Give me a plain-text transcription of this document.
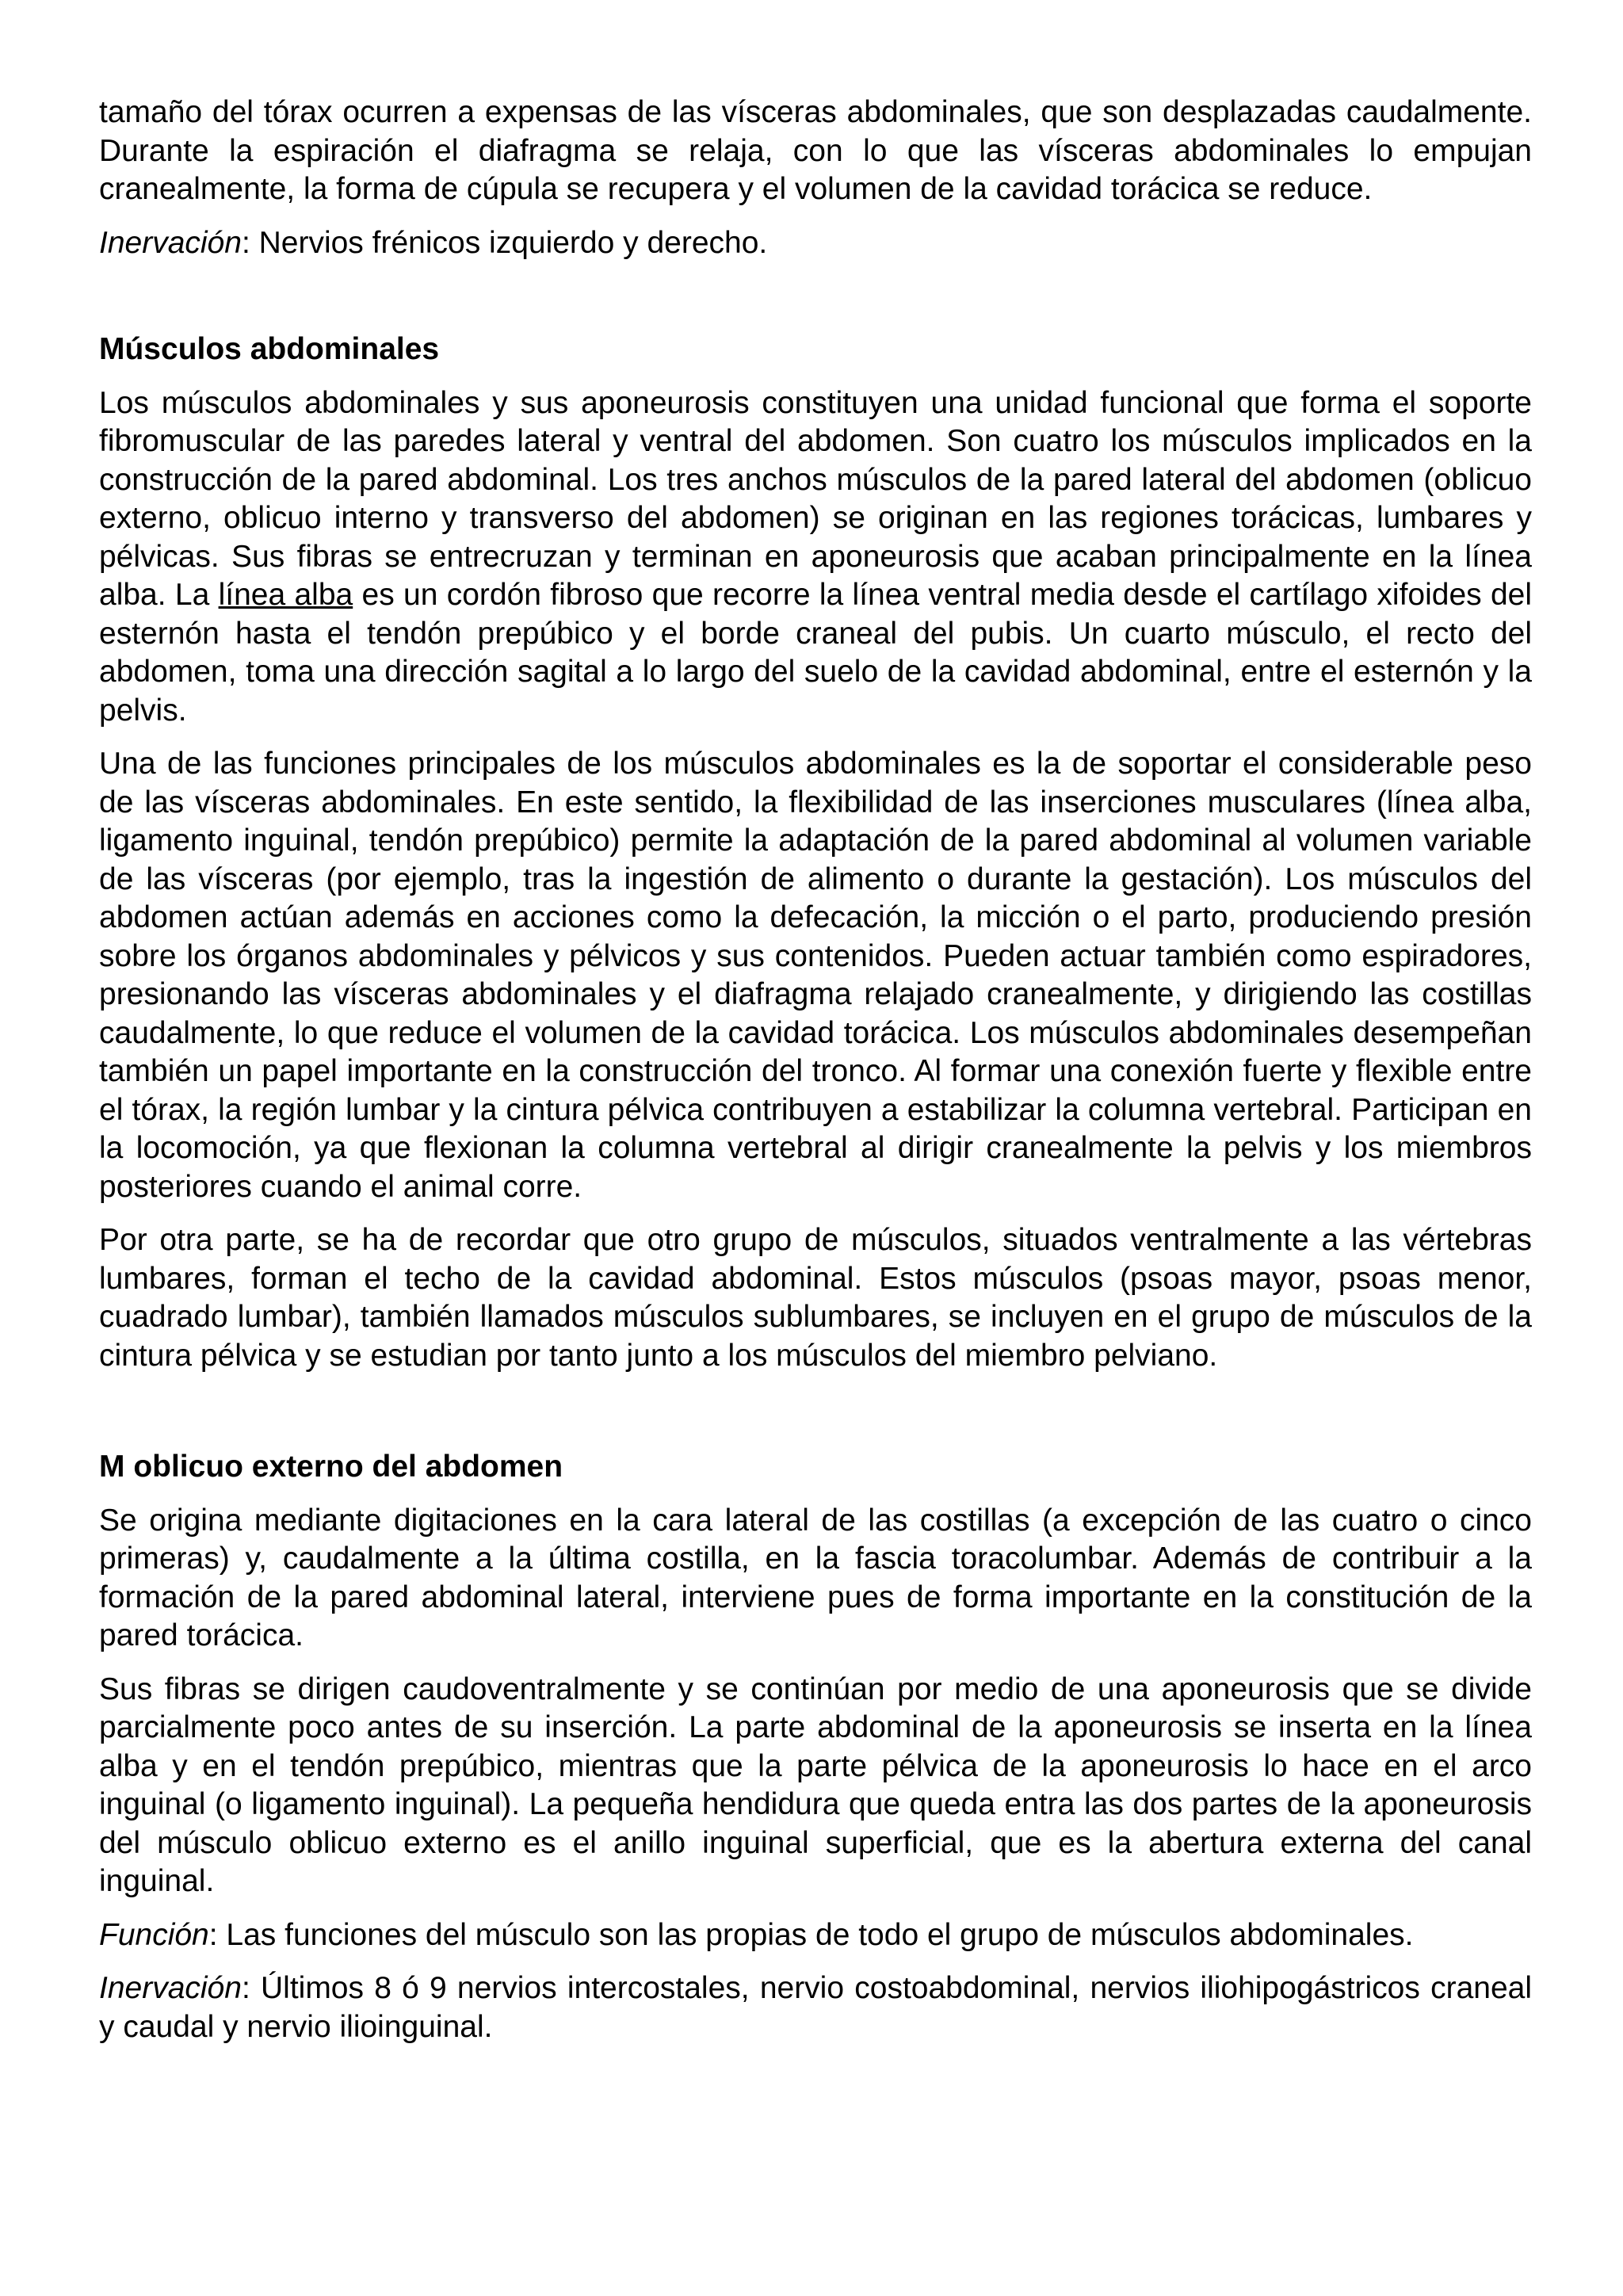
tamaño del tórax ocurren a expensas de las vísceras abdominales, que son desplazadas caudalmente. Durante la espiración el diafragma se relaja, con lo que las vísceras abdominales lo empujan cranealmente, la forma de cúpula se recupera y el volumen de la cavidad torácica se reduce.

Inervación: Nervios frénicos izquierdo y derecho.

Músculos abdominales

Los músculos abdominales y sus aponeurosis constituyen una unidad funcional que forma el soporte fibromuscular de las paredes lateral y ventral del abdomen. Son cuatro los músculos implicados en la construcción de la pared abdominal. Los tres anchos músculos de la pared lateral del abdomen (oblicuo externo, oblicuo interno y transverso del abdomen) se originan en las regiones torácicas, lumbares y pélvicas. Sus fibras se entrecruzan y terminan en aponeurosis que acaban principalmente en la línea alba. La línea alba es un cordón fibroso que recorre la línea ventral media desde el cartílago xifoides del esternón hasta el tendón prepúbico y el borde craneal del pubis. Un cuarto músculo, el recto del abdomen, toma una dirección sagital a lo largo del suelo de la cavidad abdominal, entre el esternón y la pelvis.

Una de las funciones principales de los músculos abdominales es la de soportar el considerable peso de las vísceras abdominales. En este sentido, la flexibilidad de las inserciones musculares (línea alba, ligamento inguinal, tendón prepúbico) permite la adaptación de la pared abdominal al volumen variable de las vísceras (por ejemplo, tras la ingestión de alimento o durante la gestación). Los músculos del abdomen actúan además en acciones como la defecación, la micción o el parto, produciendo presión sobre los órganos abdominales y pélvicos y sus contenidos. Pueden actuar también como espiradores, presionando las vísceras abdominales y el diafragma relajado cranealmente, y dirigiendo las costillas caudalmente, lo que reduce el volumen de la cavidad torácica. Los músculos abdominales desempeñan también un papel importante en la construcción del tronco. Al formar una conexión fuerte y flexible entre el tórax, la región lumbar y la cintura pélvica contribuyen a estabilizar la columna vertebral. Participan en la locomoción, ya que flexionan la columna vertebral al dirigir cranealmente la pelvis y los miembros posteriores cuando el animal corre.

Por otra parte, se ha de recordar que otro grupo de músculos, situados ventralmente a las vértebras lumbares, forman el techo de la cavidad abdominal. Estos músculos (psoas mayor, psoas menor, cuadrado lumbar), también llamados músculos sublumbares, se incluyen en el grupo de músculos de la cintura pélvica y se estudian por tanto junto a los músculos del miembro pelviano.

M oblicuo externo del abdomen

Se origina mediante digitaciones en la cara lateral de las costillas (a excepción de las cuatro o cinco primeras) y, caudalmente a la última costilla, en la fascia toracolumbar. Además de contribuir a la formación de la pared abdominal lateral, interviene pues de forma importante en la constitución de la pared torácica.

Sus fibras se dirigen caudoventralmente y se continúan por medio de una aponeurosis que se divide parcialmente poco antes de su inserción. La parte abdominal de la aponeurosis se inserta en la línea alba y en el tendón prepúbico, mientras que la parte pélvica de la aponeurosis lo hace en el arco inguinal (o ligamento inguinal). La pequeña hendidura que queda entra las dos partes de la aponeurosis del músculo oblicuo externo es el anillo inguinal superficial, que es la abertura externa del canal inguinal.

Función: Las funciones del músculo son las propias de todo el grupo de músculos abdominales.

Inervación: Últimos 8 ó 9 nervios intercostales, nervio costoabdominal, nervios iliohipogástricos craneal y caudal y nervio ilioinguinal.
